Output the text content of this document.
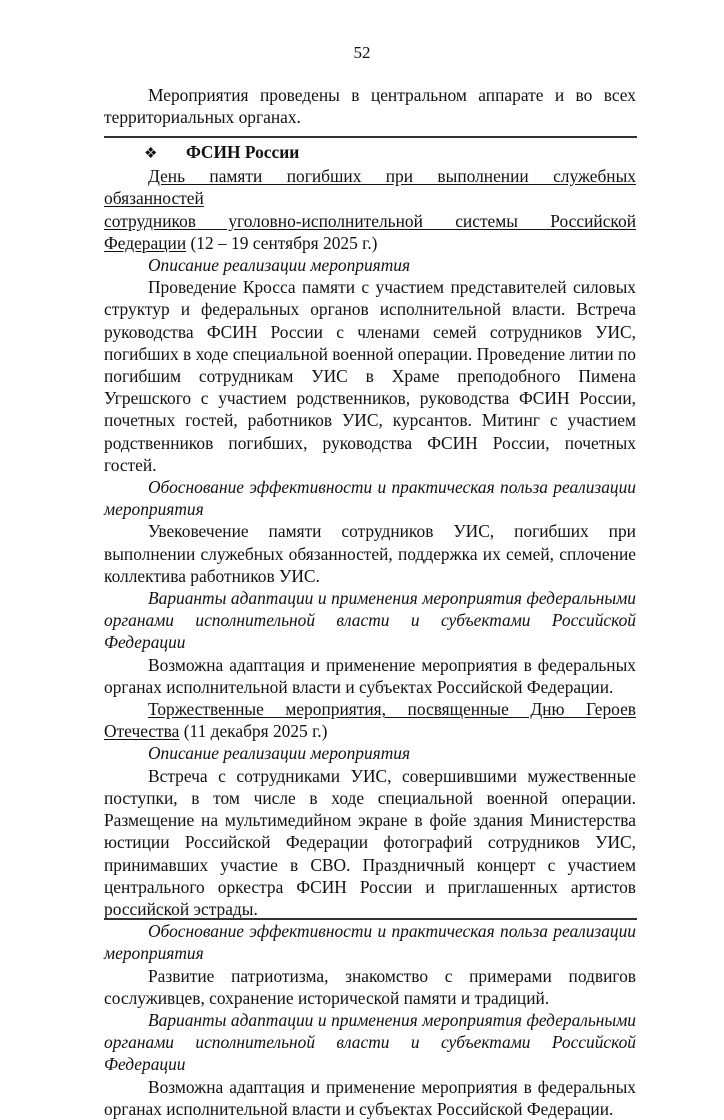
52

Мероприятия проведены в центральном аппарате и во всех

территориальных органах.

❖ ФСИН России

День памяти погибших при выполнении служебных обязанностей

сотрудников уголовно-исполнительной системы Российской

Федерации (12 – 19 сентября 2025 г.)

Описание реализации мероприятия

Проведение Кросса памяти с участием представителей силовых структур и федеральных органов исполнительной власти. Встреча руководства ФСИН России с членами семей сотрудников УИС, погибших в ходе специальной военной операции. Проведение литии по погибшим сотрудникам УИС в Храме преподобного Пимена Угрешского с участием родственников, руководства ФСИН России, почетных гостей, работников УИС, курсантов. Митинг с участием родственников погибших, руководства ФСИН России, почетных гостей.

Обоснование эффективности и практическая польза реализации мероприятия

Увековечение памяти сотрудников УИС, погибших при выполнении служебных обязанностей, поддержка их семей, сплочение коллектива работников УИС.

Варианты адаптации и применения мероприятия федеральными органами исполнительной власти и субъектами Российской Федерации

Возможна адаптация и применение мероприятия в федеральных органах исполнительной власти и субъектах Российской Федерации.

Торжественные мероприятия, посвященные Дню Героев

Отечества (11 декабря 2025 г.)

Описание реализации мероприятия

Встреча с сотрудниками УИС, совершившими мужественные поступки, в том числе в ходе специальной военной операции. Размещение на мультимедийном экране в фойе здания Министерства юстиции Российской Федерации фотографий сотрудников УИС, принимавших участие в СВО. Праздничный концерт с участием центрального оркестра ФСИН России и приглашенных артистов российской эстрады.

Обоснование эффективности и практическая польза реализации мероприятия

Развитие патриотизма, знакомство с примерами подвигов сослуживцев, сохранение исторической памяти и традиций.

Варианты адаптации и применения мероприятия федеральными органами исполнительной власти и субъектами Российской Федерации

Возможна адаптация и применение мероприятия в федеральных органах исполнительной власти и субъектах Российской Федерации.
